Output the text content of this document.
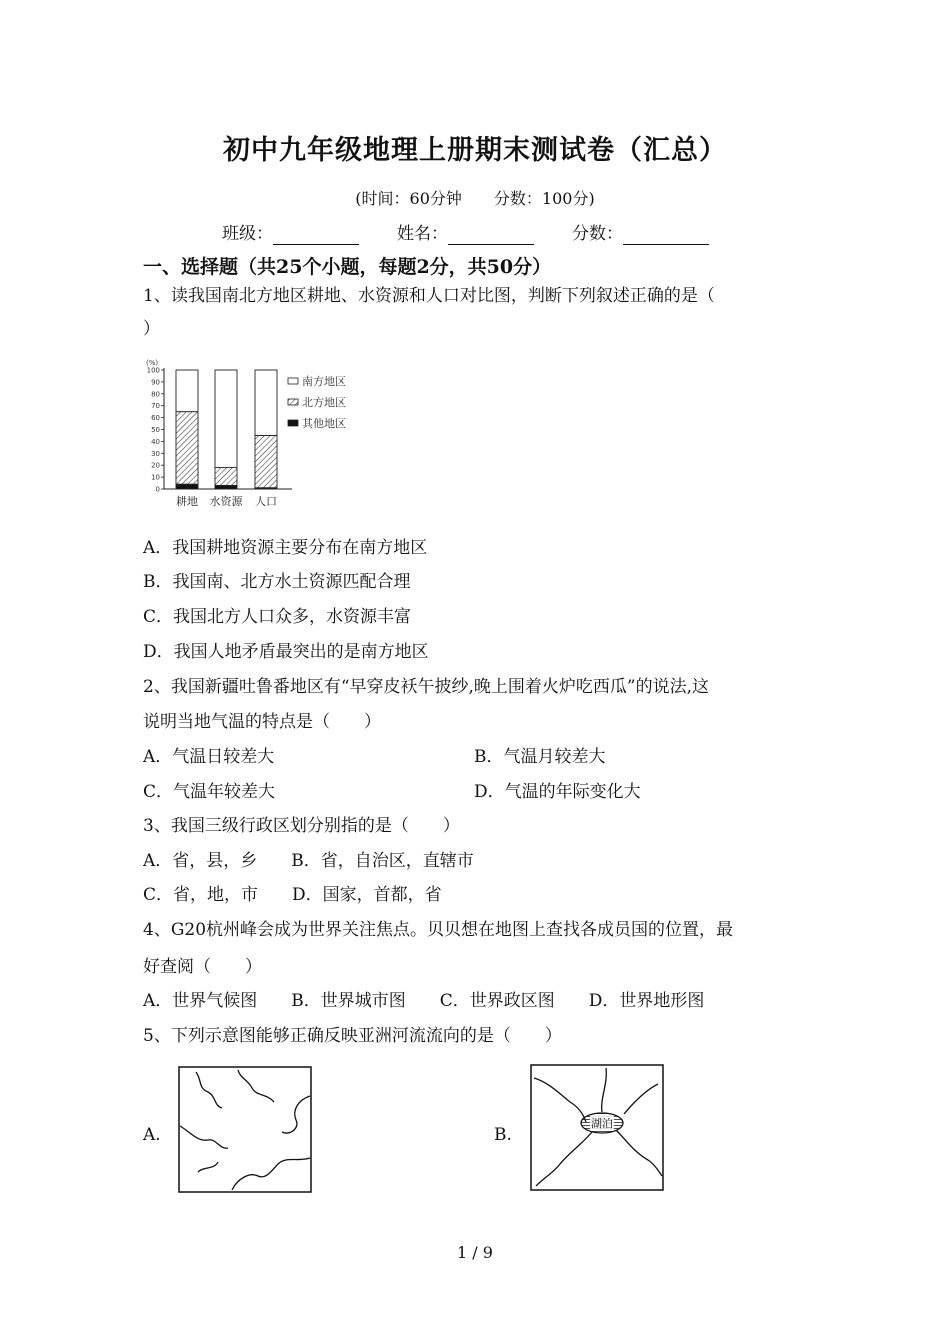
初中九年级地理上册期末测试卷（汇总）
(时间：60分钟　　分数：100分)
班级：	姓名：	分数：
一、选择题（共25个小题，每题2分，共50分）
1、读我国南北方地区耕地、水资源和人口对比图，判断下列叙述正确的是（
）
(%)
100
90
80
70
60
50
40
30
20
10
0
耕地 水资源 人口
南方地区
北方地区
其他地区
A．我国耕地资源主要分布在南方地区
B．我国南、北方水土资源匹配合理
C．我国北方人口众多，水资源丰富
D．我国人地矛盾最突出的是南方地区
2、我国新疆吐鲁番地区有“早穿皮袄午披纱,晚上围着火炉吃西瓜”的说法,这
说明当地气温的特点是（　　）
A．气温日较差大	B．气温月较差大
C．气温年较差大	D．气温的年际变化大
3、我国三级行政区划分别指的是（　　）
A．省，县，乡　　B．省，自治区，直辖市
C．省，地，市　　D．国家，首都，省
4、G20杭州峰会成为世界关注焦点。贝贝想在地图上查找各成员国的位置，最
好查阅（　　）
A．世界气候图　　B．世界城市图　　C．世界政区图　　D．世界地形图
5、下列示意图能够正确反映亚洲河流流向的是（　　）
A.	B.
湖泊
1 / 9
